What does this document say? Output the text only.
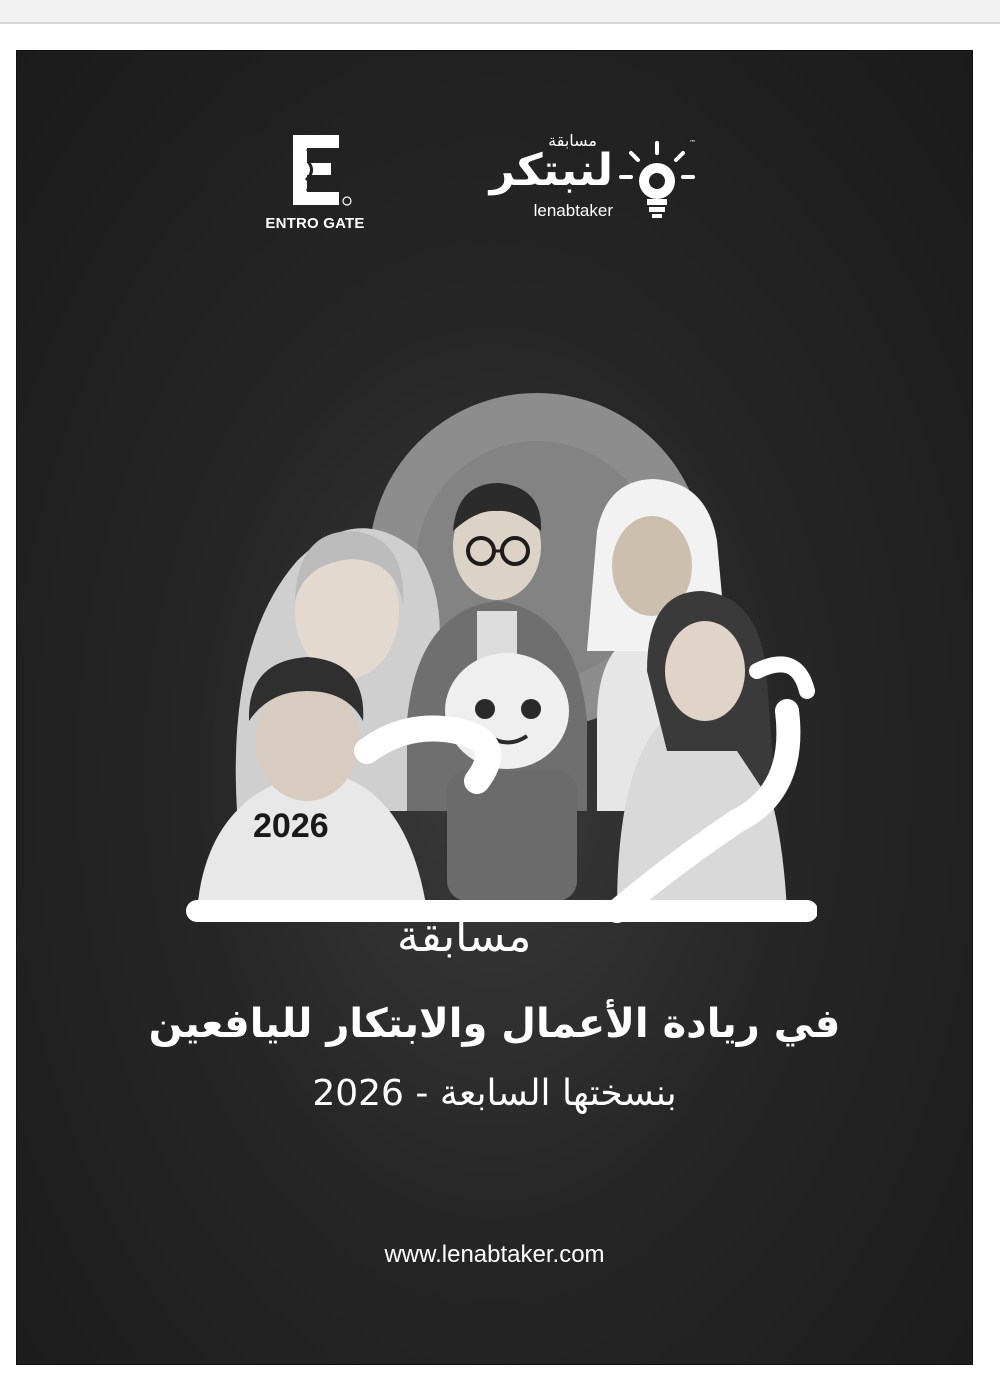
ENTRO GATE
مسابقة
لنبتكر
lenabtaker
™
2026
مسابقة
في ريادة الأعمال والابتكار لليافعين
بنسختها السابعة - 2026
www.lenabtaker.com
